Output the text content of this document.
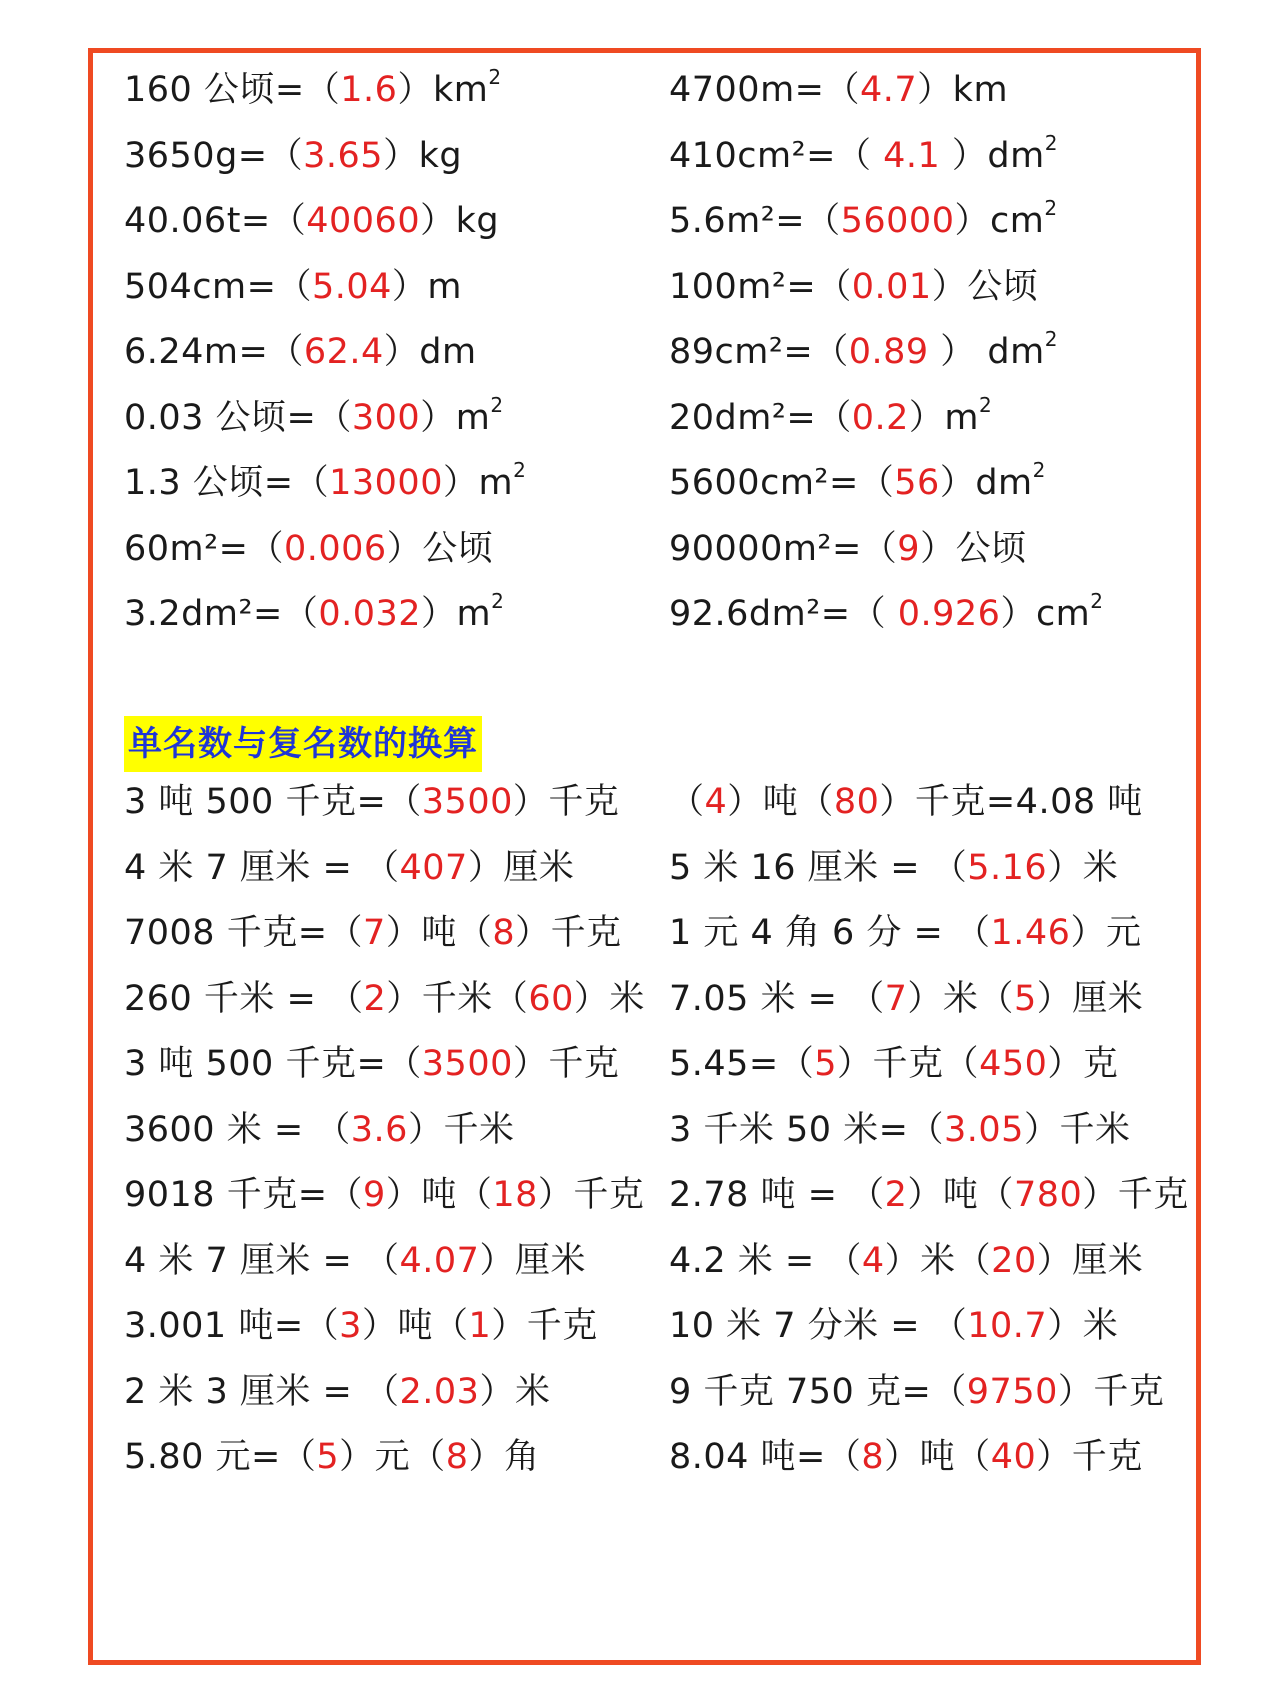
160 公顷$=(1.6)km^2$
3650g=（3.65）kg
40.06t=（40060）kg
504cm=（5.04）m
6.24m=（62.4）dm
0.03 公顷$=(300)m^2$
1.3 公顷$=(13000)m^2$
60m²=（0.006）公顷
$3.2dm^2=(0.032)m^2$
4700m=（4.7）km
410cm²=（ 4.1 ）$dm^2$
$5.6m^2=(56000)cm^2$
100m²=（0.01）公顷
89cm²=（0.89 ） $dm^2$
$20dm^2=(0.2)m^2$
$5600cm^2=(56)dm^2$
90000m²=（9）公顷
92.6dm²=（ $0.926)cm^2$
单名数与复名数的换算
3 吨 500 千克=（3500）千克
4 米 7 厘米 = （407）厘米
7008 千克=（7）吨（8）千克
260 千米 = （2）千米（60）米
3 吨 500 千克=（3500）千克
3600 米 = （3.6）千米
9018 千克=（9）吨（18）千克
4 米 7 厘米 = （4.07）厘米
3.001 吨=（3）吨（1）千克
2 米 3 厘米 = （2.03）米
5.80 元=（5）元（8）角
（4）吨（80）千克=4.08 吨
5 米 16 厘米 = （5.16）米
1 元 4 角 6 分 = （1.46）元
7.05 米 = （7）米（5）厘米
5.45=（5）千克（450）克
3 千米 50 米=（3.05）千米
2.78 吨 = （2）吨（780）千克
4.2 米 = （4）米（20）厘米
10 米 7 分米 = （10.7）米
9 千克 750 克=（9750）千克
8.04 吨=（8）吨（40）千克
